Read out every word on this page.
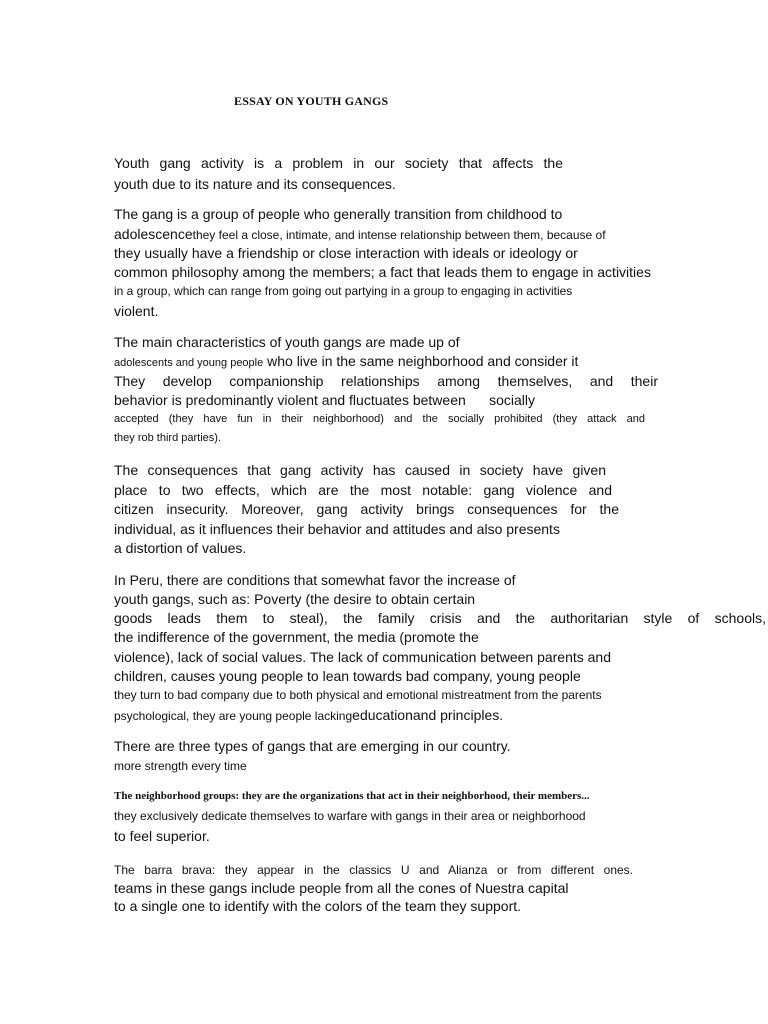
ESSAY ON YOUTH GANGS
Youth gang activity is a problem in our society that affects the
youth due to its nature and its consequences.
The gang is a group of people who generally transition from childhood to
adolescencethey feel a close, intimate, and intense relationship between them, because of
they usually have a friendship or close interaction with ideals or ideology or
common philosophy among the members; a fact that leads them to engage in activities
in a group, which can range from going out partying in a group to engaging in activities
violent.
The main characteristics of youth gangs are made up of
adolescents and young people who live in the same neighborhood and consider it
They develop companionship relationships among themselves, and their
behavior is predominantly violent and fluctuates between      socially
accepted (they have fun in their neighborhood) and the socially prohibited (they attack and
they rob third parties).
The consequences that gang activity has caused in society have given
place to two effects, which are the most notable: gang violence and
citizen insecurity. Moreover, gang activity brings consequences for the
individual, as it influences their behavior and attitudes and also presents
a distortion of values.
In Peru, there are conditions that somewhat favor the increase of
youth gangs, such as: Poverty (the desire to obtain certain
goods leads them to steal), the family crisis and the authoritarian style of schools,
the indifference of the government, the media (promote the
violence), lack of social values. The lack of communication between parents and
children, causes young people to lean towards bad company, young people
they turn to bad company due to both physical and emotional mistreatment from the parents
psychological, they are young people lackingeducationand principles.
There are three types of gangs that are emerging in our country.
more strength every time
The neighborhood groups: they are the organizations that act in their neighborhood, their members...
they exclusively dedicate themselves to warfare with gangs in their area or neighborhood
to feel superior.
The barra brava: they appear in the classics U and Alianza or from different ones.
teams in these gangs include people from all the cones of Nuestra capital
to a single one to identify with the colors of the team they support.
